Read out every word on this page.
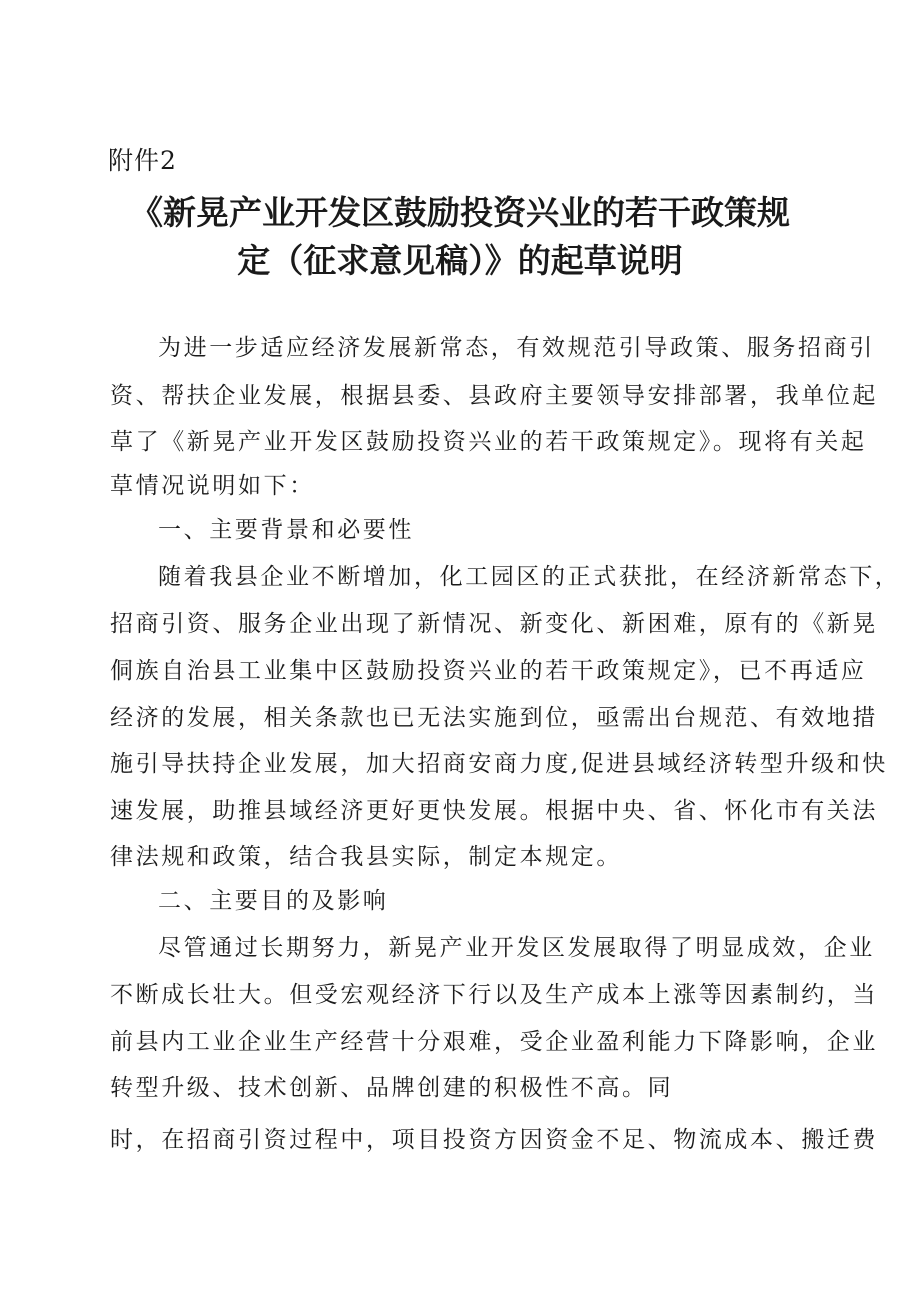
附件2
《新晃产业开发区鼓励投资兴业的若干政策规
定（征求意见稿）》的起草说明
为进一步适应经济发展新常态，有效规范引导政策、服务招商引
资、帮扶企业发展，根据县委、县政府主要领导安排部署，我单位起
草了《新晃产业开发区鼓励投资兴业的若干政策规定》。现将有关起
草情况说明如下：
一、主要背景和必要性
随着我县企业不断增加，化工园区的正式获批，在经济新常态下，
招商引资、服务企业出现了新情况、新变化、新困难，原有的《新晃
侗族自治县工业集中区鼓励投资兴业的若干政策规定》，已不再适应
经济的发展，相关条款也已无法实施到位，亟需出台规范、有效地措
施引导扶持企业发展，加大招商安商力度,促进县域经济转型升级和快
速发展，助推县域经济更好更快发展。根据中央、省、怀化市有关法
律法规和政策，结合我县实际，制定本规定。
二、主要目的及影响
尽管通过长期努力，新晃产业开发区发展取得了明显成效，企业
不断成长壮大。但受宏观经济下行以及生产成本上涨等因素制约，当
前县内工业企业生产经营十分艰难，受企业盈利能力下降影响，企业
转型升级、技术创新、品牌创建的积极性不高。同
时，在招商引资过程中，项目投资方因资金不足、物流成本、搬迁费
